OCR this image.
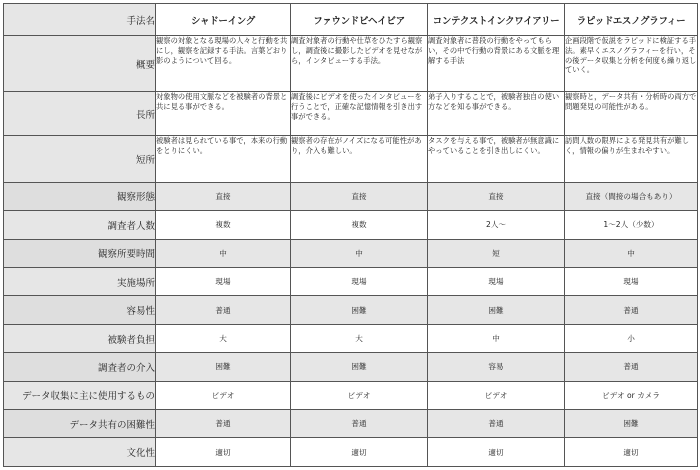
手法名	シャドーイング	ファウンドビヘイビア	コンテクストインクワイアリー	ラピッドエスノグラフィー
概要	観察の対象となる現場の人々と行動を共にし，観察を記録する手法。言葉どおり影のようについて回る。	調査対象者の行動や仕草をひたすら観察し，調査後に撮影したビデオを見せながら，インタビューする手法。	調査対象者に普段の行動をやってもらい，その中で行動の背景にある文脈を理解する手法	企画段階で仮説をラピッドに検証する手法。素早くエスノグラフィーを行い，その後データ収集と分析を何度も繰り返していく。
長所	対象物の使用文脈などを被験者の背景と共に見る事ができる。	調査後にビデオを使ったインタビューを行うことで，正確な記憶情報を引き出す事ができる。	弟子入りすることで，被験者独自の使い方などを知る事ができる。	観察時と，データ共有・分析時の両方で問題発見の可能性がある。
短所	被験者は見られている事で，本来の行動をとりにくい。	観察者の存在がノイズになる可能性があり，介入も難しい。	タスクを与える事で，被験者が無意識にやっていることを引き出しにくい。	訪問人数の限界による発見共有が難しく，情報の偏りが生まれやすい。
観察形態	直接	直接	直接	直接（間接の場合もあり）
調査者人数	複数	複数	2人～	1～2人（少数）
観察所要時間	中	中	短	中
実施場所	現場	現場	現場	現場
容易性	普通	困難	困難	普通
被験者負担	大	大	中	小
調査者の介入	困難	困難	容易	普通
データ収集に主に使用するもの	ビデオ	ビデオ	ビデオ	ビデオ or カメラ
データ共有の困難性	普通	普通	普通	困難
文化性	適切	適切	適切	適切
